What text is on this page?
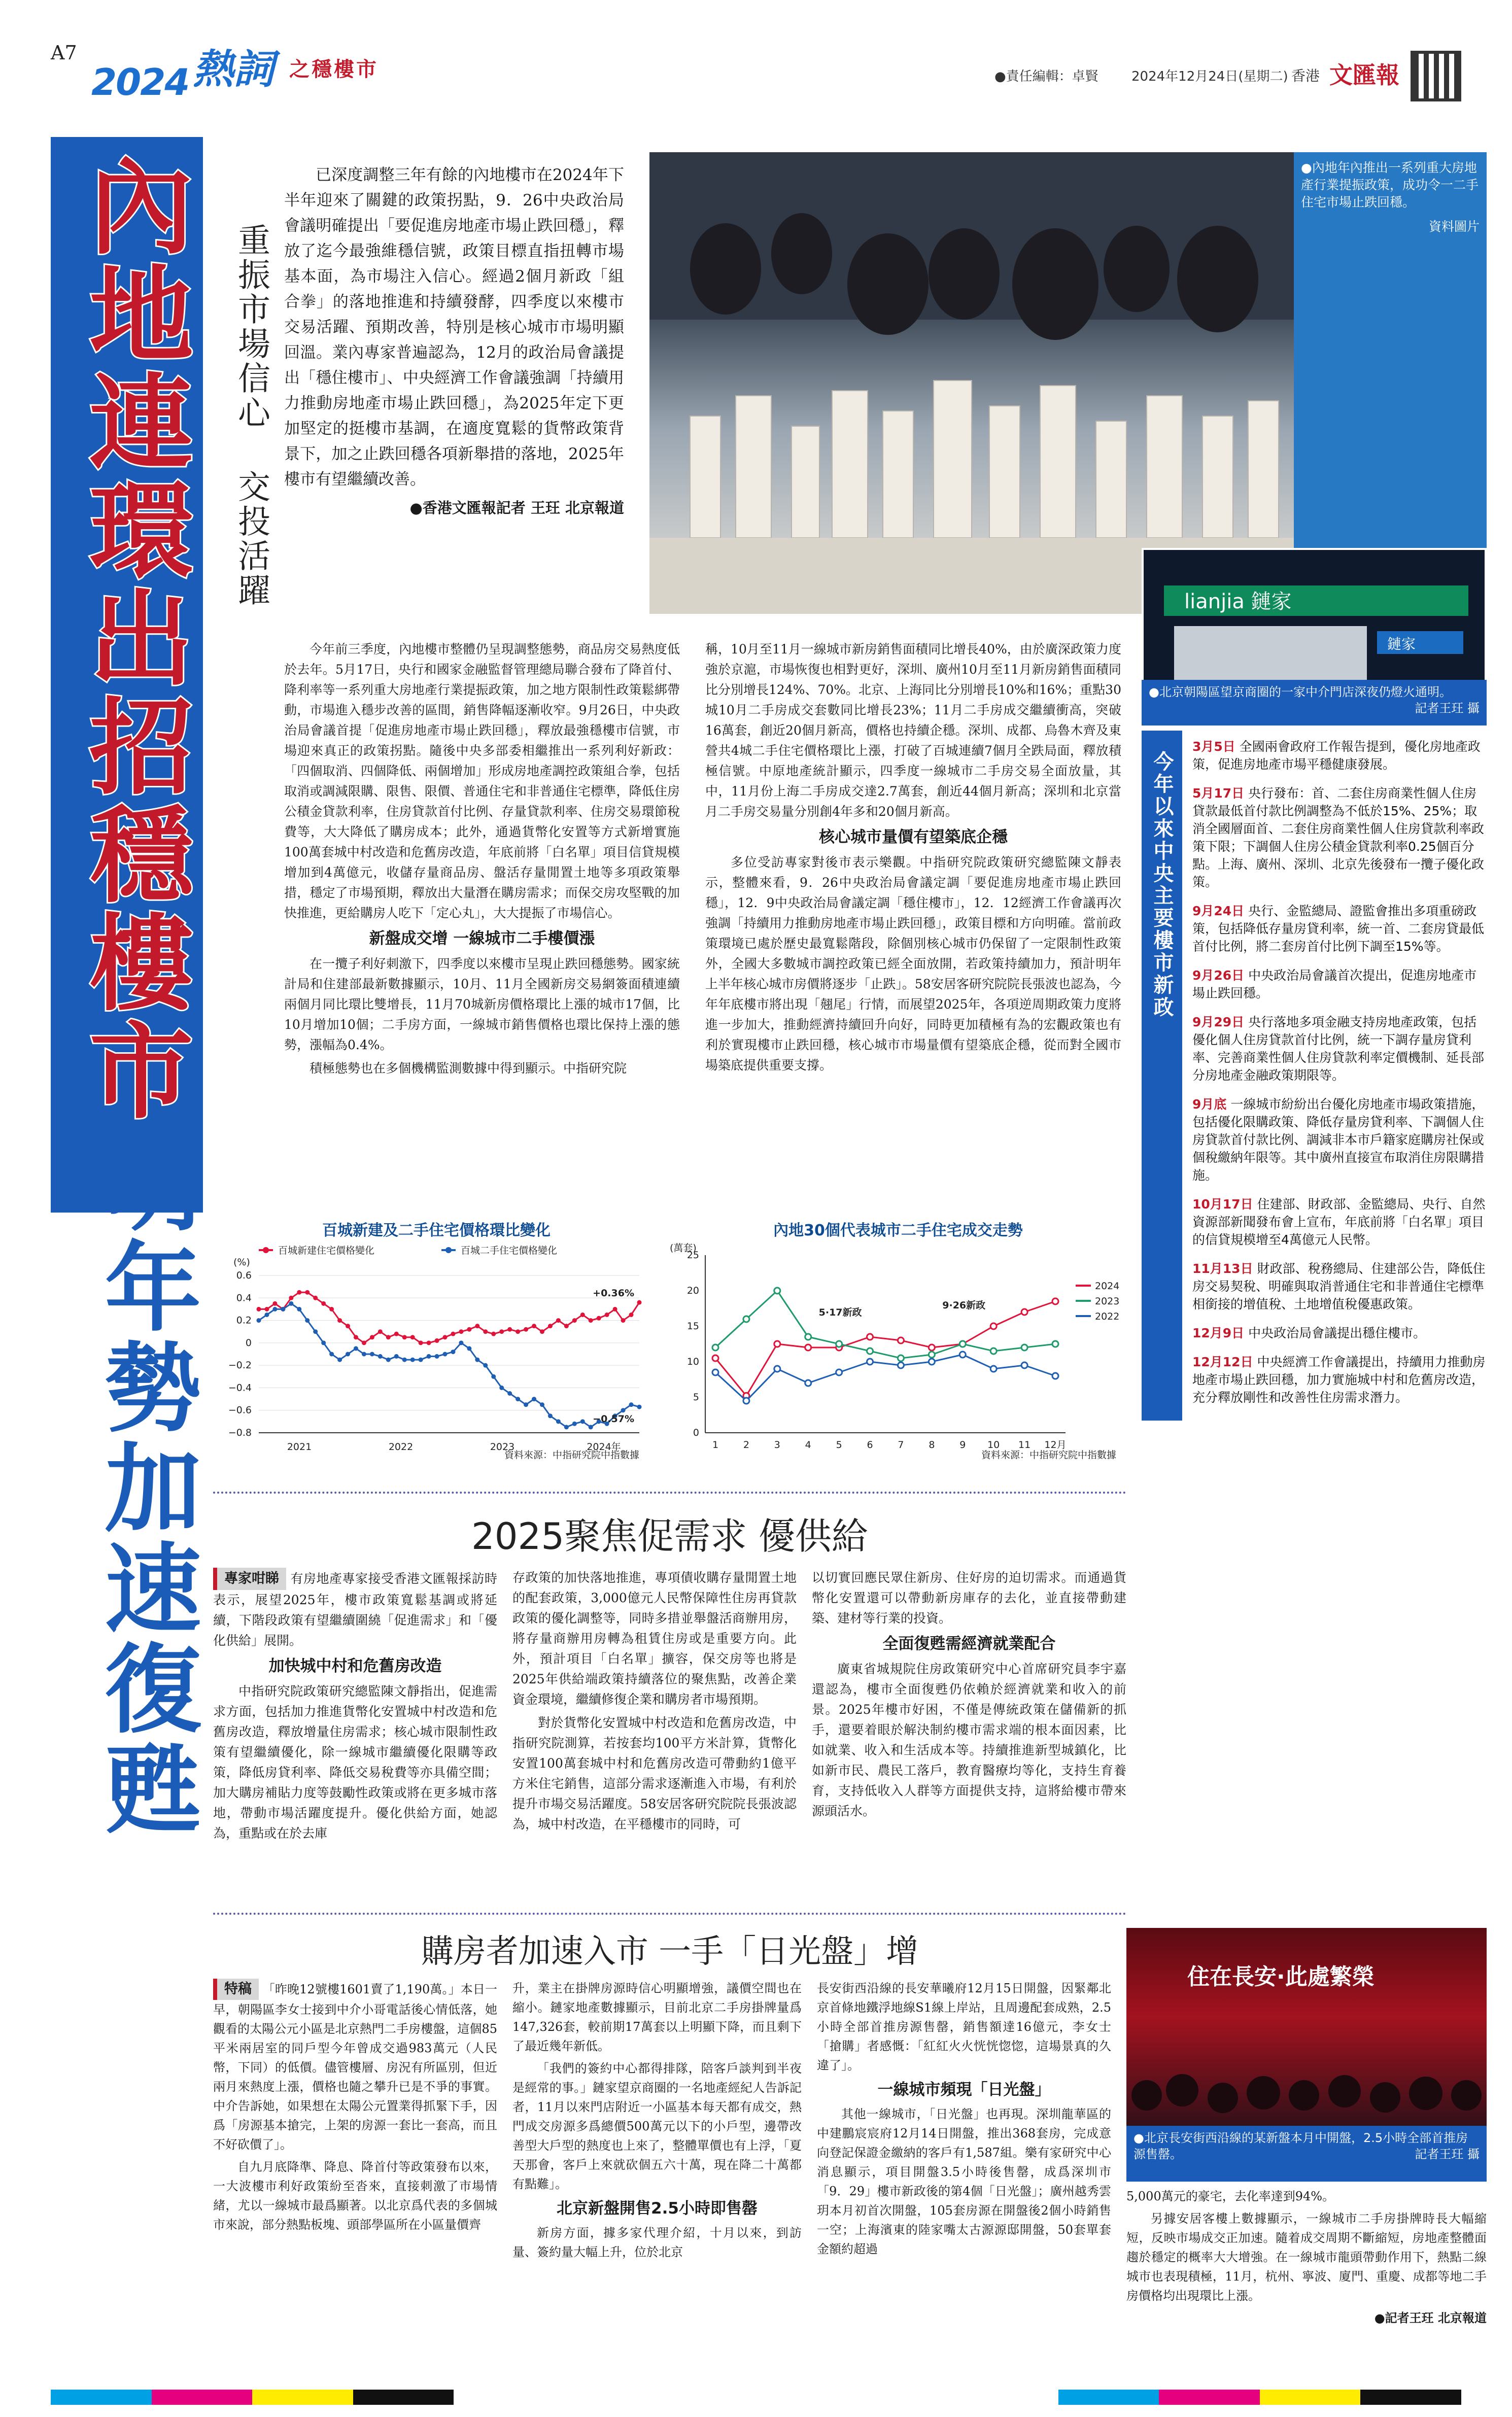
A7
2024 熱詞 之穩樓市	●責任編輯：卓賢	2024年12月24日(星期二) 香港 文匯報
內地連環出招穩樓市
明年勢加速復甦
重振市場信心 交投活躍

已深度調整三年有餘的內地樓市在2024年下半年迎來了關鍵的政策拐點，9．26中央政治局會議明確提出「要促進房地產市場止跌回穩」，釋放了迄今最強維穩信號，政策目標直指扭轉市場基本面，為市場注入信心。經過2個月新政「組合拳」的落地推進和持續發酵，四季度以來樓市交易活躍、預期改善，特別是核心城市市場明顯回溫。業內專家普遍認為，12月的政治局會議提出「穩住樓市」、中央經濟工作會議強調「持續用力推動房地產市場止跌回穩」，為2025年定下更加堅定的挺樓市基調，在適度寬鬆的貨幣政策背景下，加之止跌回穩各項新舉措的落地，2025年樓市有望繼續改善。

●香港文匯報記者 王玨 北京報道
●內地年內推出一系列重大房地產行業提振政策，成功令一二手住宅市場止跌回穩。
資料圖片
lianjia 鏈家
鏈家
●北京朝陽區望京商圈的一家中介門店深夜仍燈火通明。
記者王玨 攝

今年前三季度，內地樓市整體仍呈現調整態勢，商品房交易熱度低於去年。5月17日，央行和國家金融監督管理總局聯合發布了降首付、降利率等一系列重大房地產行業提振政策，加之地方限制性政策鬆綁帶動，市場進入穩步改善的區間，銷售降幅逐漸收窄。9月26日，中央政治局會議首提「促進房地產市場止跌回穩」，釋放最強穩樓市信號，市場迎來真正的政策拐點。隨後中央多部委相繼推出一系列利好新政：「四個取消、四個降低、兩個增加」形成房地產調控政策組合拳，包括取消或調減限購、限售、限價、普通住宅和非普通住宅標準，降低住房公積金貸款利率，住房貸款首付比例、存量貸款利率、住房交易環節稅費等，大大降低了購房成本；此外，通過貨幣化安置等方式新增實施100萬套城中村改造和危舊房改造，年底前將「白名單」項目信貸規模增加到4萬億元，收儲存量商品房、盤活存量閒置土地等多項政策舉措，穩定了市場預期，釋放出大量潛在購房需求；而保交房攻堅戰的加快推進，更給購房人吃下「定心丸」，大大提振了市場信心。

新盤成交增 一線城市二手樓價漲

在一攬子利好刺激下，四季度以來樓市呈現止跌回穩態勢。國家統計局和住建部最新數據顯示，10月、11月全國新房交易網簽面積連續兩個月同比環比雙增長，11月70城新房價格環比上漲的城市17個，比10月增加10個；二手房方面，一線城市銷售價格也環比保持上漲的態勢，漲幅為0.4%。

積極態勢也在多個機構監測數據中得到顯示。中指研究院

稱，10月至11月一線城市新房銷售面積同比增長40%，由於廣深政策力度強於京滬，市場恢復也相對更好，深圳、廣州10月至11月新房銷售面積同比分別增長124%、70%。北京、上海同比分別增長10%和16%；重點30城10月二手房成交套數同比增長23%；11月二手房成交繼續衝高，突破16萬套，創近20個月新高，價格也持續企穩。深圳、成都、烏魯木齊及東營共4城二手住宅價格環比上漲，打破了百城連續7個月全跌局面，釋放積極信號。中原地產統計顯示，四季度一線城市二手房交易全面放量，其中，11月份上海二手房成交達2.7萬套，創近44個月新高；深圳和北京當月二手房交易量分別創4年多和20個月新高。

核心城市量價有望築底企穩

多位受訪專家對後市表示樂觀。中指研究院政策研究總監陳文靜表示，整體來看，9．26中央政治局會議定調「要促進房地產市場止跌回穩」，12．9中央政治局會議定調「穩住樓市」，12．12經濟工作會議再次強調「持續用力推動房地產市場止跌回穩」，政策目標和方向明確。當前政策環境已處於歷史最寬鬆階段，除個別核心城市仍保留了一定限制性政策外，全國大多數城市調控政策已經全面放開，若政策持續加力，預計明年上半年核心城市房價將逐步「止跌」。58安居客研究院院長張波也認為，今年年底樓市將出現「翹尾」行情，而展望2025年，各項逆周期政策力度將進一步加大，推動經濟持續回升向好，同時更加積極有為的宏觀政策也有利於實現樓市止跌回穩，核心城市市場量價有望築底企穩，從而對全國市場築底提供重要支撐。

今年以來中央主要樓市新政
3月5日 全國兩會政府工作報告提到，優化房地產政策，促進房地產市場平穩健康發展。
5月17日 央行發布：首、二套住房商業性個人住房貸款最低首付款比例調整為不低於15%、25%；取消全國層面首、二套住房商業性個人住房貸款利率政策下限；下調個人住房公積金貸款利率0.25個百分點。上海、廣州、深圳、北京先後發布一攬子優化政策。
9月24日 央行、金監總局、證監會推出多項重磅政策，包括降低存量房貸利率，統一首、二套房貸最低首付比例，將二套房首付比例下調至15%等。
9月26日 中央政治局會議首次提出，促進房地產市場止跌回穩。
9月29日 央行落地多項金融支持房地產政策，包括優化個人住房貸款首付比例，統一下調存量房貸利率、完善商業性個人住房貸款利率定價機制、延長部分房地產金融政策期限等。
9月底 一線城市紛紛出台優化房地產市場政策措施，包括優化限購政策、降低存量房貸利率、下調個人住房貸款首付款比例、調減非本市戶籍家庭購房社保或個稅繳納年限等。其中廣州直接宣布取消住房限購措施。
10月17日 住建部、財政部、金監總局、央行、自然資源部新聞發布會上宣布，年底前將「白名單」項目的信貸規模增至4萬億元人民幣。
11月13日 財政部、稅務總局、住建部公告，降低住房交易契稅、明確與取消普通住宅和非普通住宅標準相銜接的增值稅、土地增值稅優惠政策。
12月9日 中央政治局會議提出穩住樓市。
12月12日 中央經濟工作會議提出，持續用力推動房地產市場止跌回穩，加力實施城中村和危舊房改造，充分釋放剛性和改善性住房需求潛力。
百城新建及二手住宅價格環比變化
0.6
0.4
0.2
0
−0.2
−0.4
−0.6
−0.8
(%)
2021	2022	2023	2024年
百城新建住宅價格變化	百城二手住宅價格變化
+0.36%
−0.57%
資料來源：中指研究院中指數據
內地30個代表城市二手住宅成交走勢
25
20
15
10
5
0
(萬套)
1	2	3	4	5	6	7	8	9 10 11 12月
2024
2023
2022
5·17新政
9·26新政
資料來源：中指研究院中指數據
2025聚焦促需求 優供給
專家咁睇 有房地產專家接受香港文匯報採訪時表示，展望2025年，樓市政策寬鬆基調或將延續，下階段政策有望繼續圍繞「促進需求」和「優化供給」展開。
加快城中村和危舊房改造

中指研究院政策研究總監陳文靜指出，促進需求方面，包括加力推進貨幣化安置城中村改造和危舊房改造，釋放增量住房需求；核心城市限制性政策有望繼續優化，除一線城市繼續優化限購等政策，降低房貸利率、降低交易稅費等亦具備空間；加大購房補貼力度等鼓勵性政策或將在更多城市落地，帶動市場活躍度提升。優化供給方面，她認為，重點或在於去庫

存政策的加快落地推進，專項債收購存量閒置土地的配套政策，3,000億元人民幣保障性住房再貸款政策的優化調整等，同時多措並舉盤活商辦用房，將存量商辦用房轉為租賃住房或是重要方向。此外，預計項目「白名單」擴容，保交房等也將是2025年供給端政策持續落位的聚焦點，改善企業資金環境，繼續修復企業和購房者市場預期。

對於貨幣化安置城中村改造和危舊房改造，中指研究院測算，若按套均100平方米計算，貨幣化安置100萬套城中村和危舊房改造可帶動約1億平方米住宅銷售，這部分需求逐漸進入市場，有利於提升市場交易活躍度。58安居客研究院院長張波認為，城中村改造，在平穩樓市的同時，可

以切實回應民眾住新房、住好房的迫切需求。而通過貨幣化安置還可以帶動新房庫存的去化，並直接帶動建築、建材等行業的投資。

全面復甦需經濟就業配合

廣東省城規院住房政策研究中心首席研究員李宇嘉還認為，樓市全面復甦仍依賴於經濟就業和收入的前景。2025年樓市好困，不僅是傳統政策在儲備新的抓手，還要着眼於解決制約樓市需求端的根本面因素，比如就業、收入和生活成本等。持續推進新型城鎮化，比如新市民、農民工落戶，教育醫療均等化，支持生育養育，支持低收入人群等方面提供支持，這將給樓市帶來源頭活水。

購房者加速入市 一手「日光盤」增
住在長安·此處繁榮
●北京長安街西沿線的某新盤本月中開盤，2.5小時全部首推房源售罄。	記者王玨 攝
特稿 「昨晚12號樓1601賣了1,190萬。」本日一早，朝陽區李女士接到中介小哥電話後心情低落，她觀看的太陽公元小區是北京熱門二手房樓盤，這個85平米兩居室的同戶型今年曾成交過983萬元（人民幣，下同）的低價。儘管樓層、房況有所區別，但近兩月來熱度上漲，價格也隨之攀升已是不爭的事實。中介告訴她，如果想在太陽公元置業得抓緊下手，因爲「房源基本搶完，上架的房源一套比一套高，而且不好砍價了」。

自九月底降準、降息、降首付等政策發布以來，一大波樓市利好政策紛至沓來，直接刺激了市場情緒，尤以一線城市最爲顯著。以北京爲代表的多個城市來說，部分熱點板塊、頭部學區所在小區量價齊

升，業主在掛牌房源時信心明顯增強，議價空間也在縮小。鏈家地產數據顯示，目前北京二手房掛牌量爲147,326套，較前期17萬套以上明顯下降，而且剩下了最近幾年新低。

「我們的簽約中心都得排隊，陪客戶談判到半夜是經常的事。」鏈家望京商圈的一名地產經紀人告訴記者，11月以來門店附近一小區基本每天都有成交，熱門成交房源多爲總價500萬元以下的小戶型，邊帶改善型大戶型的熱度也上來了，整體單價也有上浮，「夏天那會，客戶上來就砍個五六十萬，現在降二十萬都有點難」。

北京新盤開售2.5小時即售罄

新房方面，據多家代理介紹，十月以來，到訪量、簽約量大幅上升，位於北京

長安街西沿線的長安華曦府12月15日開盤，因緊鄰北京首條地鐵浮地線S1線上岸站，且周邊配套成熟，2.5小時全部首推房源售罄，銷售額達16億元，李女士「搶購」者感慨：「紅紅火火恍恍惚惚，這場景真的久違了」。

一線城市頻現「日光盤」

其他一線城市，「日光盤」也再現。深圳龍華區的中建鵬宸宸府12月14日開盤，推出368套房，完成意向登記保證金繳納的客戶有1,587組。樂有家研究中心消息顯示，項目開盤3.5小時後售罄，成爲深圳市「9．29」樓市新政後的第4個「日光盤」；廣州越秀雲玥本月初首次開盤，105套房源在開盤後2個小時銷售一空；上海濱東的陸家嘴太古源源邸開盤，50套單套金額約超過

5,000萬元的豪宅，去化率達到94%。

另據安居客樓上數據顯示，一線城市二手房掛牌時長大幅縮短，反映市場成交正加速。隨着成交周期不斷縮短，房地產整體面趨於穩定的概率大大增強。在一線城市龍頭帶動作用下，熱點二線城市也表現積極，11月，杭州、寧波、廈門、重慶、成都等地二手房價格均出現環比上漲。

●記者王玨 北京報道
